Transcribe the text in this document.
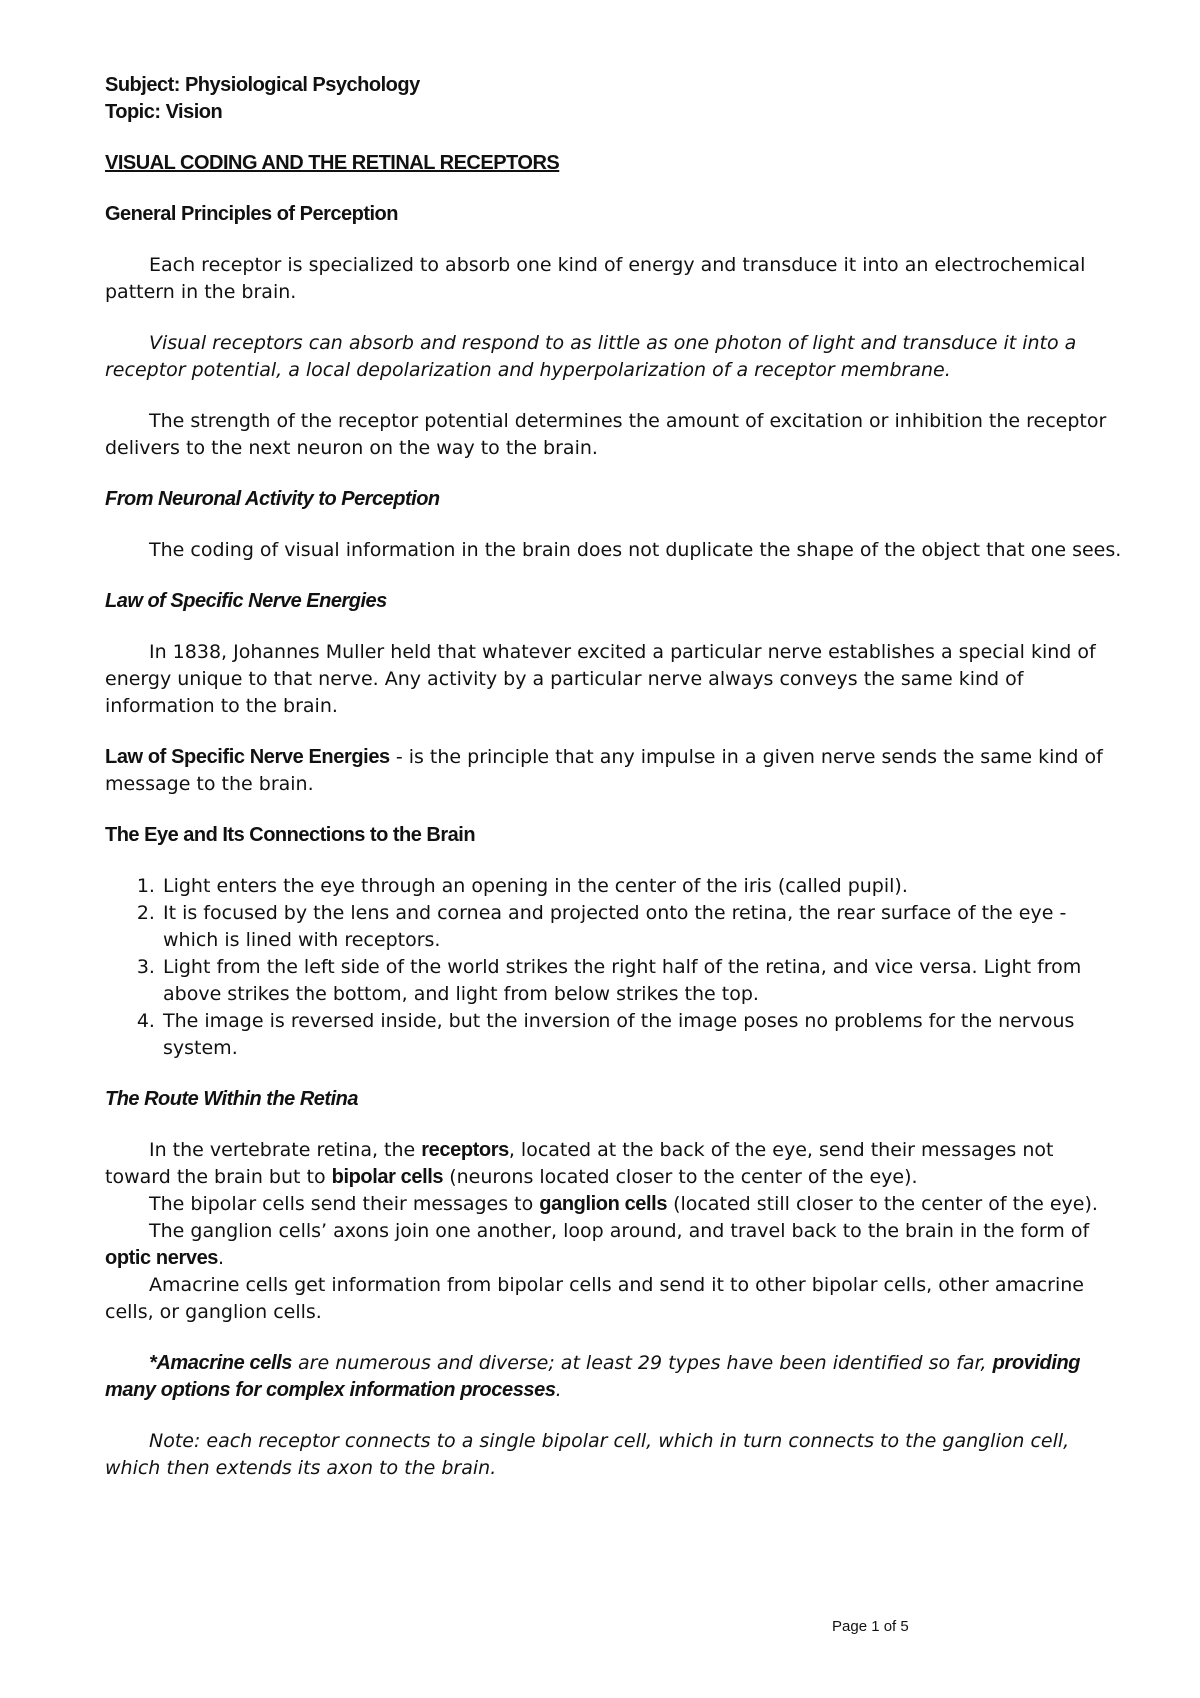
Subject: Physiological Psychology

Topic: Vision

VISUAL CODING AND THE RETINAL RECEPTORS

General Principles of Perception

Each receptor is specialized to absorb one kind of energy and transduce it into an electrochemical pattern in the brain.

Visual receptors can absorb and respond to as little as one photon of light and transduce it into a receptor potential, a local depolarization and hyperpolarization of a receptor membrane.

The strength of the receptor potential determines the amount of excitation or inhibition the receptor delivers to the next neuron on the way to the brain.

From Neuronal Activity to Perception

The coding of visual information in the brain does not duplicate the shape of the object that one sees.

Law of Specific Nerve Energies

In 1838, Johannes Muller held that whatever excited a particular nerve establishes a special kind of energy unique to that nerve. Any activity by a particular nerve always conveys the same kind of information to the brain.

Law of Specific Nerve Energies - is the principle that any impulse in a given nerve sends the same kind of message to the brain.

The Eye and Its Connections to the Brain

1. Light enters the eye through an opening in the center of the iris (called pupil).
2. It is focused by the lens and cornea and projected onto the retina, the rear surface of the eye - which is lined with receptors.
3. Light from the left side of the world strikes the right half of the retina, and vice versa. Light from above strikes the bottom, and light from below strikes the top.
4. The image is reversed inside, but the inversion of the image poses no problems for the nervous system.

The Route Within the Retina

In the vertebrate retina, the receptors, located at the back of the eye, send their messages not toward the brain but to bipolar cells (neurons located closer to the center of the eye).

The bipolar cells send their messages to ganglion cells (located still closer to the center of the eye).

The ganglion cells’ axons join one another, loop around, and travel back to the brain in the form of optic nerves.

Amacrine cells get information from bipolar cells and send it to other bipolar cells, other amacrine cells, or ganglion cells.

*Amacrine cells are numerous and diverse; at least 29 types have been identified so far, providing many options for complex information processes.

Note: each receptor connects to a single bipolar cell, which in turn connects to the ganglion cell, which then extends its axon to the brain.

Page 1 of 5
